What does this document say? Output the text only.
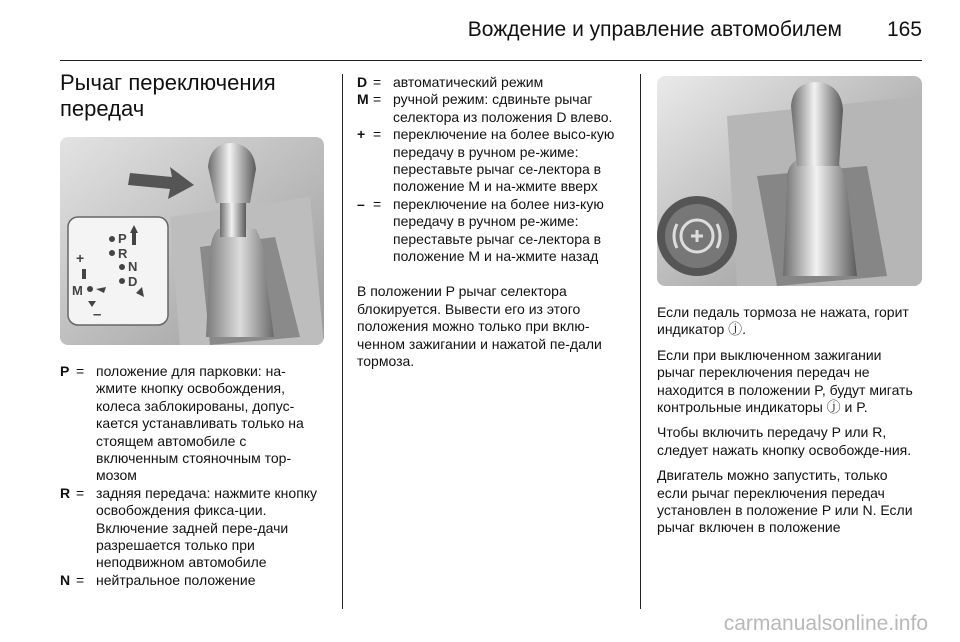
Вождение и управление автомобилем 165
Рычаг переключения передач
P
R
N
D
+
M
–
P = положение для парковки: на-жмите кнопку освобождения, колеса заблокированы, допус-кается устанавливать только на стоящем автомобиле с включенным стояночным тор-мозом
R = задняя передача: нажмите кнопку освобождения фикса-ции. Включение задней пере-дачи разрешается только при неподвижном автомобиле
N = нейтральное положение
D = автоматический режим
M = ручной режим: сдвиньте рычаг селектора из положения D влево.
+ = переключение на более высо-кую передачу в ручном ре-жиме: переставьте рычаг се-лектора в положение M и на-жмите вверх
– = переключение на более низ-кую передачу в ручном ре-жиме: переставьте рычаг се-лектора в положение M и на-жмите назад

В положении P рычаг селектора блокируется. Вывести его из этого положения можно только при вклю-ченном зажигании и нажатой пе-дали тормоза.

Если педаль тормоза не нажата, горит индикатор ⓙ.

Если при выключенном зажигании рычаг переключения передач не находится в положении P, будут мигать контрольные индикаторы ⓙ и P.

Чтобы включить передачу P или R, следует нажать кнопку освобожде-ния.

Двигатель можно запустить, только если рычаг переключения передач установлен в положение P или N. Если рычаг включен в положение

carmanualsonline.info
